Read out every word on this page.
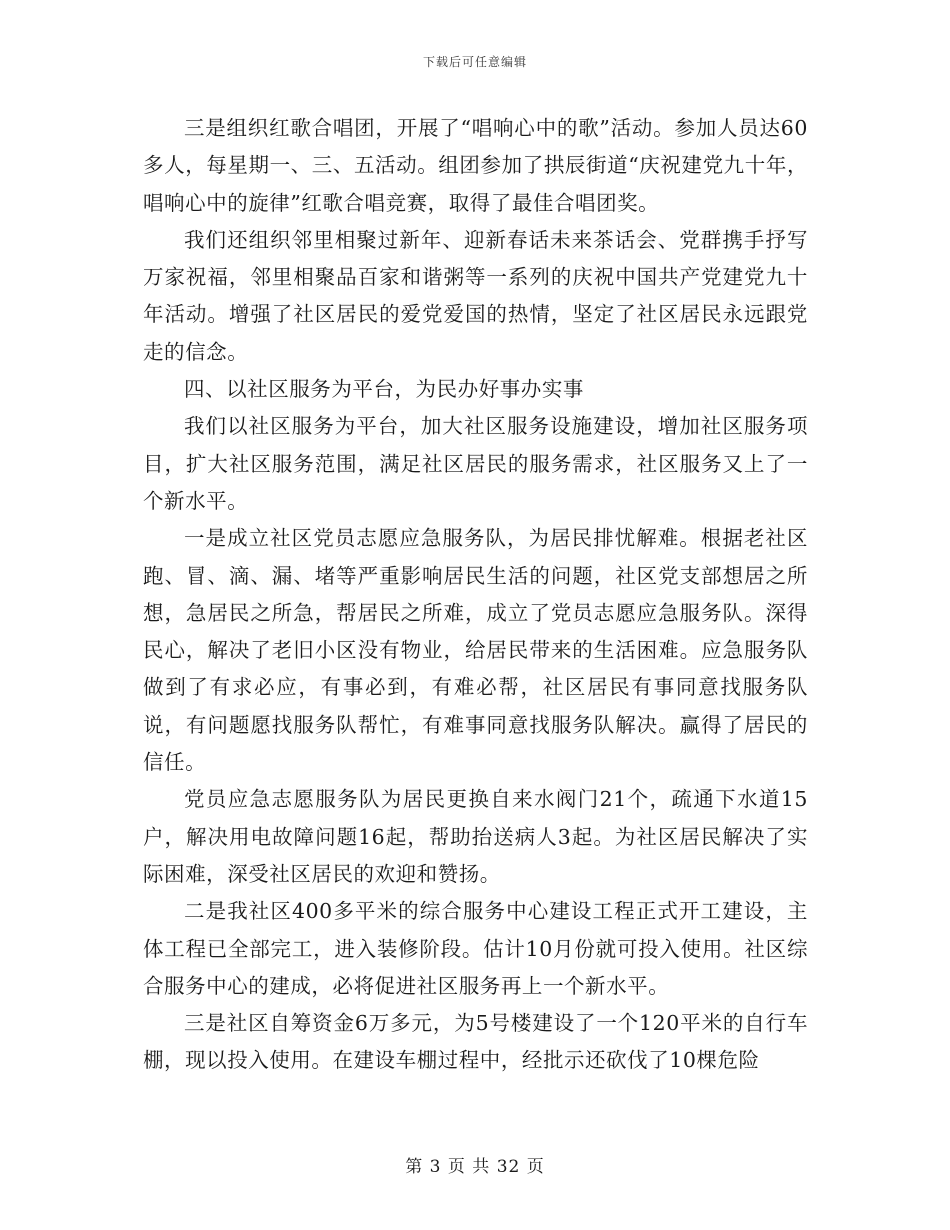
下载后可任意编辑

三是组织红歌合唱团，开展了“唱响心中的歌”活动。参加人员达60多人，每星期一、三、五活动。组团参加了拱辰街道“庆祝建党九十年，唱响心中的旋律”红歌合唱竞赛，取得了最佳合唱团奖。

我们还组织邻里相聚过新年、迎新春话未来茶话会、党群携手抒写万家祝福，邻里相聚品百家和谐粥等一系列的庆祝中国共产党建党九十年活动。增强了社区居民的爱党爱国的热情，坚定了社区居民永远跟党走的信念。

四、以社区服务为平台，为民办好事办实事

我们以社区服务为平台，加大社区服务设施建设，增加社区服务项目，扩大社区服务范围，满足社区居民的服务需求，社区服务又上了一个新水平。

一是成立社区党员志愿应急服务队，为居民排忧解难。根据老社区跑、冒、滴、漏、堵等严重影响居民生活的问题，社区党支部想居之所想，急居民之所急，帮居民之所难，成立了党员志愿应急服务队。深得民心，解决了老旧小区没有物业，给居民带来的生活困难。应急服务队做到了有求必应，有事必到，有难必帮，社区居民有事同意找服务队说，有问题愿找服务队帮忙，有难事同意找服务队解决。赢得了居民的信任。

党员应急志愿服务队为居民更换自来水阀门21个，疏通下水道15户，解决用电故障问题16起，帮助抬送病人3起。为社区居民解决了实际困难，深受社区居民的欢迎和赞扬。

二是我社区400多平米的综合服务中心建设工程正式开工建设，主体工程已全部完工，进入装修阶段。估计10月份就可投入使用。社区综合服务中心的建成，必将促进社区服务再上一个新水平。

三是社区自筹资金6万多元，为5号楼建设了一个120平米的自行车棚，现以投入使用。在建设车棚过程中，经批示还砍伐了10棵危险

第 3 页 共 32 页
